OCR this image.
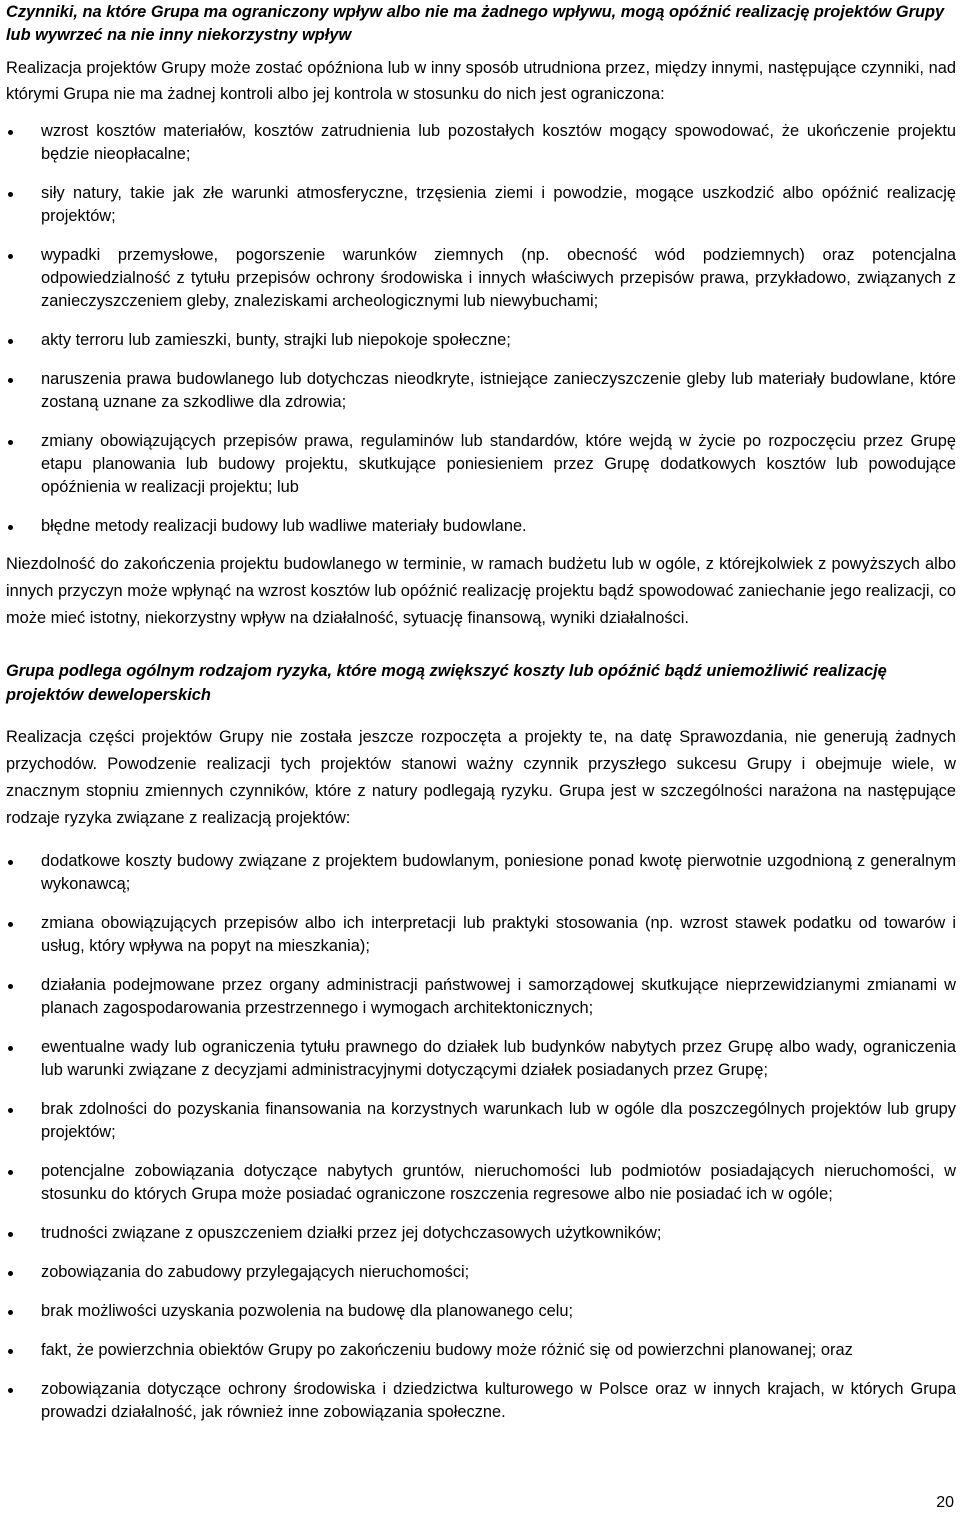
Czynniki, na które Grupa ma ograniczony wpływ albo nie ma żadnego wpływu, mogą opóźnić realizację projektów Grupy lub wywrzeć na nie inny niekorzystny wpływ

Realizacja projektów Grupy może zostać opóźniona lub w inny sposób utrudniona przez, między innymi, następujące czynniki, nad którymi Grupa nie ma żadnej kontroli albo jej kontrola w stosunku do nich jest ograniczona:

wzrost kosztów materiałów, kosztów zatrudnienia lub pozostałych kosztów mogący spowodować, że ukończenie projektu będzie nieopłacalne;
siły natury, takie jak złe warunki atmosferyczne, trzęsienia ziemi i powodzie, mogące uszkodzić albo opóźnić realizację projektów;
wypadki przemysłowe, pogorszenie warunków ziemnych (np. obecność wód podziemnych) oraz potencjalna odpowiedzialność z tytułu przepisów ochrony środowiska i innych właściwych przepisów prawa, przykładowo, związanych z zanieczyszczeniem gleby, znaleziskami archeologicznymi lub niewybuchami;
akty terroru lub zamieszki, bunty, strajki lub niepokoje społeczne;
naruszenia prawa budowlanego lub dotychczas nieodkryte, istniejące zanieczyszczenie gleby lub materiały budowlane, które zostaną uznane za szkodliwe dla zdrowia;
zmiany obowiązujących przepisów prawa, regulaminów lub standardów, które wejdą w życie po rozpoczęciu przez Grupę etapu planowania lub budowy projektu, skutkujące poniesieniem przez Grupę dodatkowych kosztów lub powodujące opóźnienia w realizacji projektu; lub
błędne metody realizacji budowy lub wadliwe materiały budowlane.

Niezdolność do zakończenia projektu budowlanego w terminie, w ramach budżetu lub w ogóle, z którejkolwiek z powyższych albo innych przyczyn może wpłynąć na wzrost kosztów lub opóźnić realizację projektu bądź spowodować zaniechanie jego realizacji, co może mieć istotny, niekorzystny wpływ na działalność, sytuację finansową, wyniki działalności.

Grupa podlega ogólnym rodzajom ryzyka, które mogą zwiększyć koszty lub opóźnić bądź uniemożliwić realizację projektów deweloperskich

Realizacja części projektów Grupy nie została jeszcze rozpoczęta a projekty te, na datę Sprawozdania, nie generują żadnych przychodów. Powodzenie realizacji tych projektów stanowi ważny czynnik przyszłego sukcesu Grupy i obejmuje wiele, w znacznym stopniu zmiennych czynników, które z natury podlegają ryzyku. Grupa jest w szczególności narażona na następujące rodzaje ryzyka związane z realizacją projektów:

dodatkowe koszty budowy związane z projektem budowlanym, poniesione ponad kwotę pierwotnie uzgodnioną z generalnym wykonawcą;
zmiana obowiązujących przepisów albo ich interpretacji lub praktyki stosowania (np. wzrost stawek podatku od towarów i usług, który wpływa na popyt na mieszkania);
działania podejmowane przez organy administracji państwowej i samorządowej skutkujące nieprzewidzianymi zmianami w planach zagospodarowania przestrzennego i wymogach architektonicznych;
ewentualne wady lub ograniczenia tytułu prawnego do działek lub budynków nabytych przez Grupę albo wady, ograniczenia lub warunki związane z decyzjami administracyjnymi dotyczącymi działek posiadanych przez Grupę;
brak zdolności do pozyskania finansowania na korzystnych warunkach lub w ogóle dla poszczególnych projektów lub grupy projektów;
potencjalne zobowiązania dotyczące nabytych gruntów, nieruchomości lub podmiotów posiadających nieruchomości, w stosunku do których Grupa może posiadać ograniczone roszczenia regresowe albo nie posiadać ich w ogóle;
trudności związane z opuszczeniem działki przez jej dotychczasowych użytkowników;
zobowiązania do zabudowy przylegających nieruchomości;
brak możliwości uzyskania pozwolenia na budowę dla planowanego celu;
fakt, że powierzchnia obiektów Grupy po zakończeniu budowy może różnić się od powierzchni planowanej; oraz
zobowiązania dotyczące ochrony środowiska i dziedzictwa kulturowego w Polsce oraz w innych krajach, w których Grupa prowadzi działalność, jak również inne zobowiązania społeczne.
20
